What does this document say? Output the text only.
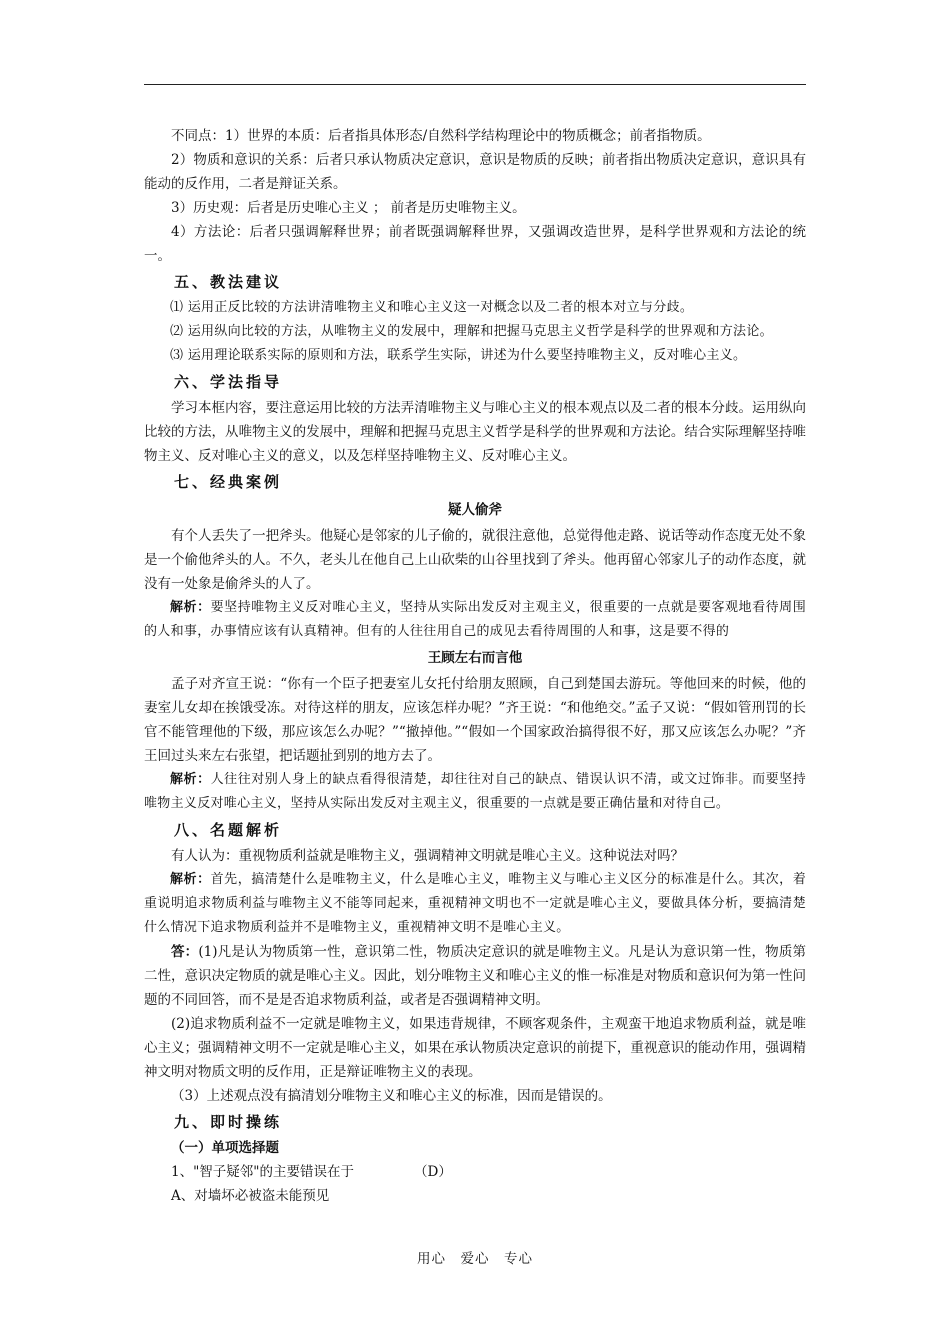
不同点：1）世界的本质：后者指具体形态/自然科学结构理论中的物质概念；前者指物质。

2）物质和意识的关系：后者只承认物质决定意识，意识是物质的反映；前者指出物质决定意识，意识具有能动的反作用，二者是辩证关系。

3）历史观：后者是历史唯心主义 ； 前者是历史唯物主义。

4）方法论：后者只强调解释世界；前者既强调解释世界，又强调改造世界，是科学世界观和方法论的统一。

五、教法建议

⑴ 运用正反比较的方法讲清唯物主义和唯心主义这一对概念以及二者的根本对立与分歧。

⑵ 运用纵向比较的方法，从唯物主义的发展中，理解和把握马克思主义哲学是科学的世界观和方法论。

⑶ 运用理论联系实际的原则和方法，联系学生实际，讲述为什么要坚持唯物主义，反对唯心主义。

六、学法指导

学习本框内容，要注意运用比较的方法弄清唯物主义与唯心主义的根本观点以及二者的根本分歧。运用纵向比较的方法，从唯物主义的发展中，理解和把握马克思主义哲学是科学的世界观和方法论。结合实际理解坚持唯物主义、反对唯心主义的意义，以及怎样坚持唯物主义、反对唯心主义。

七、经典案例

疑人偷斧

有个人丢失了一把斧头。他疑心是邻家的儿子偷的，就很注意他，总觉得他走路、说话等动作态度无处不象是一个偷他斧头的人。不久，老头儿在他自己上山砍柴的山谷里找到了斧头。他再留心邻家儿子的动作态度，就没有一处象是偷斧头的人了。

解析：要坚持唯物主义反对唯心主义，坚持从实际出发反对主观主义，很重要的一点就是要客观地看待周围的人和事，办事情应该有认真精神。但有的人往往用自己的成见去看待周围的人和事，这是要不得的

王顾左右而言他

孟子对齐宣王说：“你有一个臣子把妻室儿女托付给朋友照顾，自己到楚国去游玩。等他回来的时候，他的妻室儿女却在挨饿受冻。对待这样的朋友，应该怎样办呢？”齐王说：“和他绝交。”孟子又说：“假如管刑罚的长官不能管理他的下级，那应该怎么办呢？”“撤掉他。”“假如一个国家政治搞得很不好，那又应该怎么办呢？”齐王回过头来左右张望，把话题扯到别的地方去了。

解析：人往往对别人身上的缺点看得很清楚，却往往对自己的缺点、错误认识不清，或文过饰非。而要坚持唯物主义反对唯心主义，坚持从实际出发反对主观主义，很重要的一点就是要正确估量和对待自己。

八、名题解析

有人认为：重视物质利益就是唯物主义，强调精神文明就是唯心主义。这种说法对吗？

解析：首先，搞清楚什么是唯物主义，什么是唯心主义，唯物主义与唯心主义区分的标准是什么。其次，着重说明追求物质利益与唯物主义不能等同起来，重视精神文明也不一定就是唯心主义，要做具体分析，要搞清楚什么情况下追求物质利益并不是唯物主义，重视精神文明不是唯心主义。

答：(1)凡是认为物质第一性，意识第二性，物质决定意识的就是唯物主义。凡是认为意识第一性，物质第二性，意识决定物质的就是唯心主义。因此，划分唯物主义和唯心主义的惟一标准是对物质和意识何为第一性问题的不同回答，而不是是否追求物质利益，或者是否强调精神文明。

(2)追求物质利益不一定就是唯物主义，如果违背规律，不顾客观条件，主观蛮干地追求物质利益，就是唯心主义；强调精神文明不一定就是唯心主义，如果在承认物质决定意识的前提下，重视意识的能动作用，强调精神文明对物质文明的反作用，正是辩证唯物主义的表现。

（3）上述观点没有搞清划分唯物主义和唯心主义的标准，因而是错误的。

九、即时操练
（一）单项选择题

1、"智子疑邻"的主要错误在于	（D）

A、对墙坏必被盗未能预见

用心　爱心　专心
